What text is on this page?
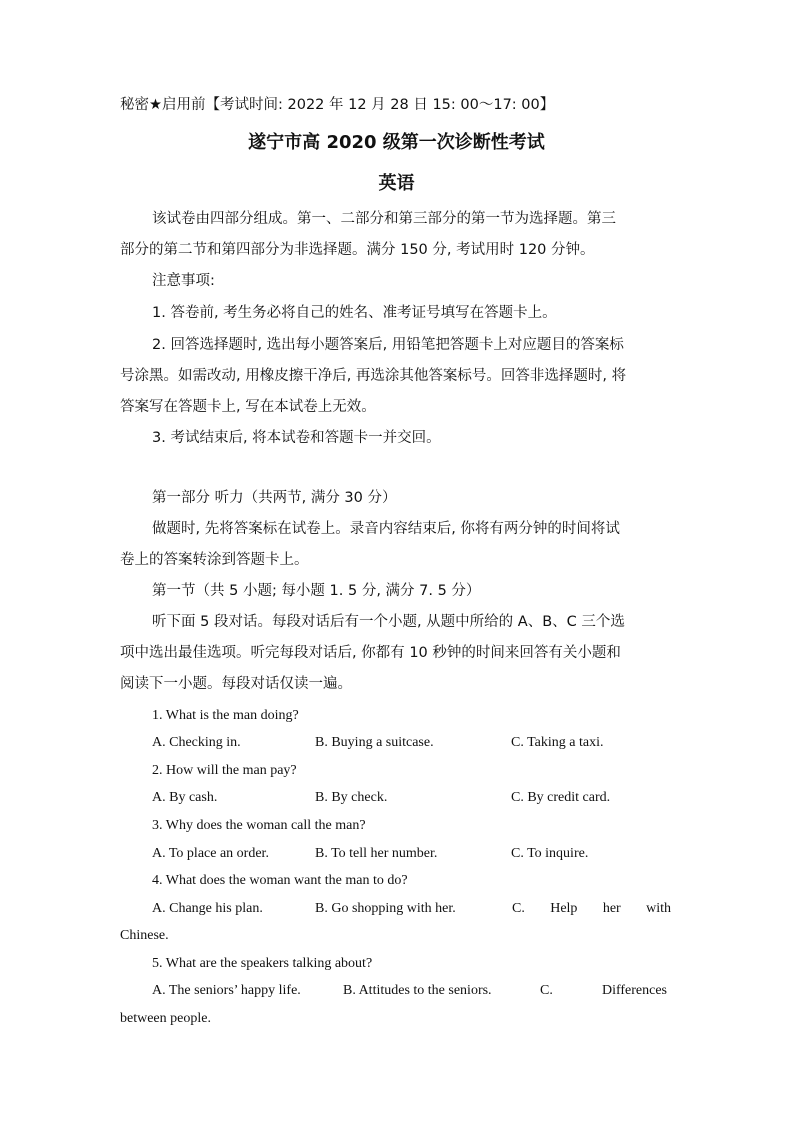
秘密★启用前【考试时间: 2022 年 12 月 28 日 15: 00～17: 00】
遂宁市高 2020 级第一次诊断性考试
英语
该试卷由四部分组成。第一、二部分和第三部分的第一节为选择题。第三
部分的第二节和第四部分为非选择题。满分 150 分, 考试用时 120 分钟。
注意事项:
1. 答卷前, 考生务必将自己的姓名、准考证号填写在答题卡上。
2. 回答选择题时, 选出每小题答案后, 用铅笔把答题卡上对应题目的答案标
号涂黑。如需改动, 用橡皮擦干净后, 再选涂其他答案标号。回答非选择题时, 将
答案写在答题卡上, 写在本试卷上无效。
3. 考试结束后, 将本试卷和答题卡一并交回。
第一部分 听力（共两节, 满分 30 分）
做题时, 先将答案标在试卷上。录音内容结束后, 你将有两分钟的时间将试
卷上的答案转涂到答题卡上。
第一节（共 5 小题; 每小题 1. 5 分, 满分 7. 5 分）
听下面 5 段对话。每段对话后有一个小题, 从题中所给的 A、B、C 三个选
项中选出最佳选项。听完每段对话后, 你都有 10 秒钟的时间来回答有关小题和
阅读下一小题。每段对话仅读一遍。
1. What is the man doing?
A. Checking in.	B. Buying a suitcase.	C. Taking a taxi.
2. How will the man pay?
A. By cash.	B. By check.	C. By credit card.
3. Why does the woman call the man?
A. To place an order.	B. To tell her number.	C. To inquire.
4. What does the woman want the man to do?
A. Change his plan.	B. Go shopping with her.	C. Help her with
Chinese.
5. What are the speakers talking about?
A. The seniors’ happy life.	B. Attitudes to the seniors.	C.	Differences
between people.
